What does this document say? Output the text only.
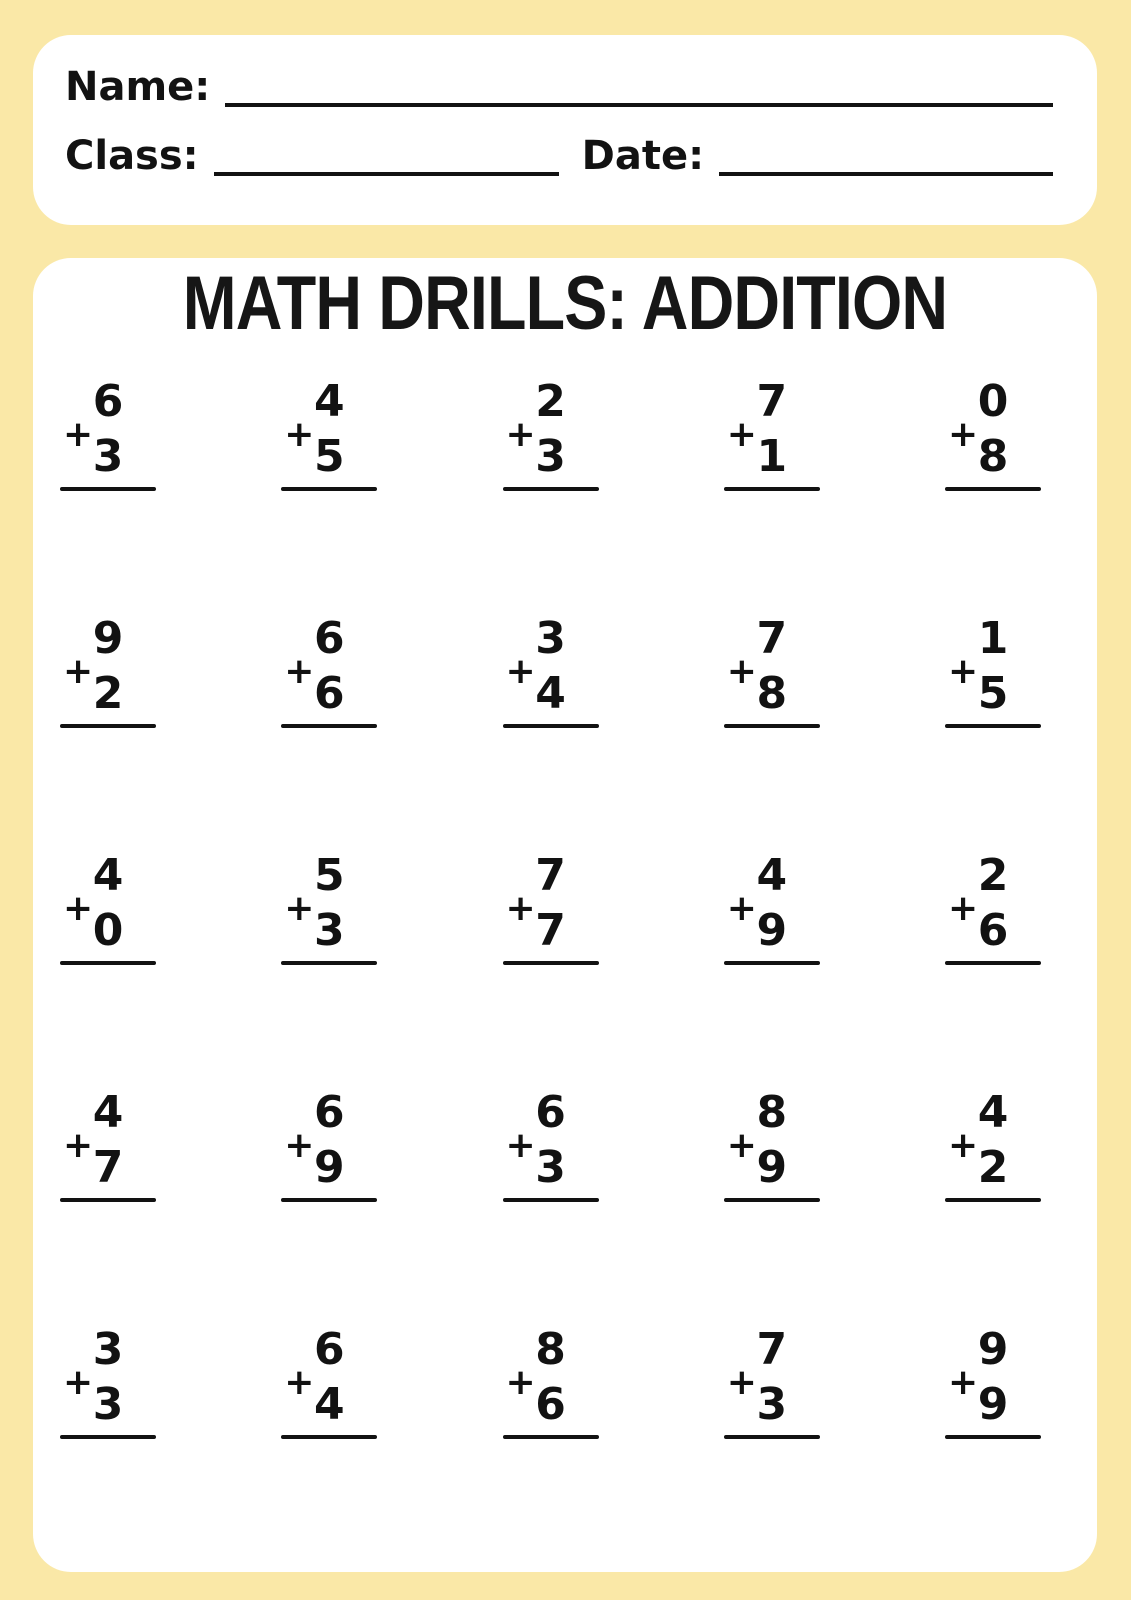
Name:
Class:	Date:
MATH DRILLS: ADDITION
6
3
+
4
5
+
2
3
+
7
1
+
0
8
+
9
2
+
6
6
+
3
4
+
7
8
+
1
5
+
4
0
+
5
3
+
7
7
+
4
9
+
2
6
+
4
7
+
6
9
+
6
3
+
8
9
+
4
2
+
3
3
+
6
4
+
8
6
+
7
3
+
9
9
+
